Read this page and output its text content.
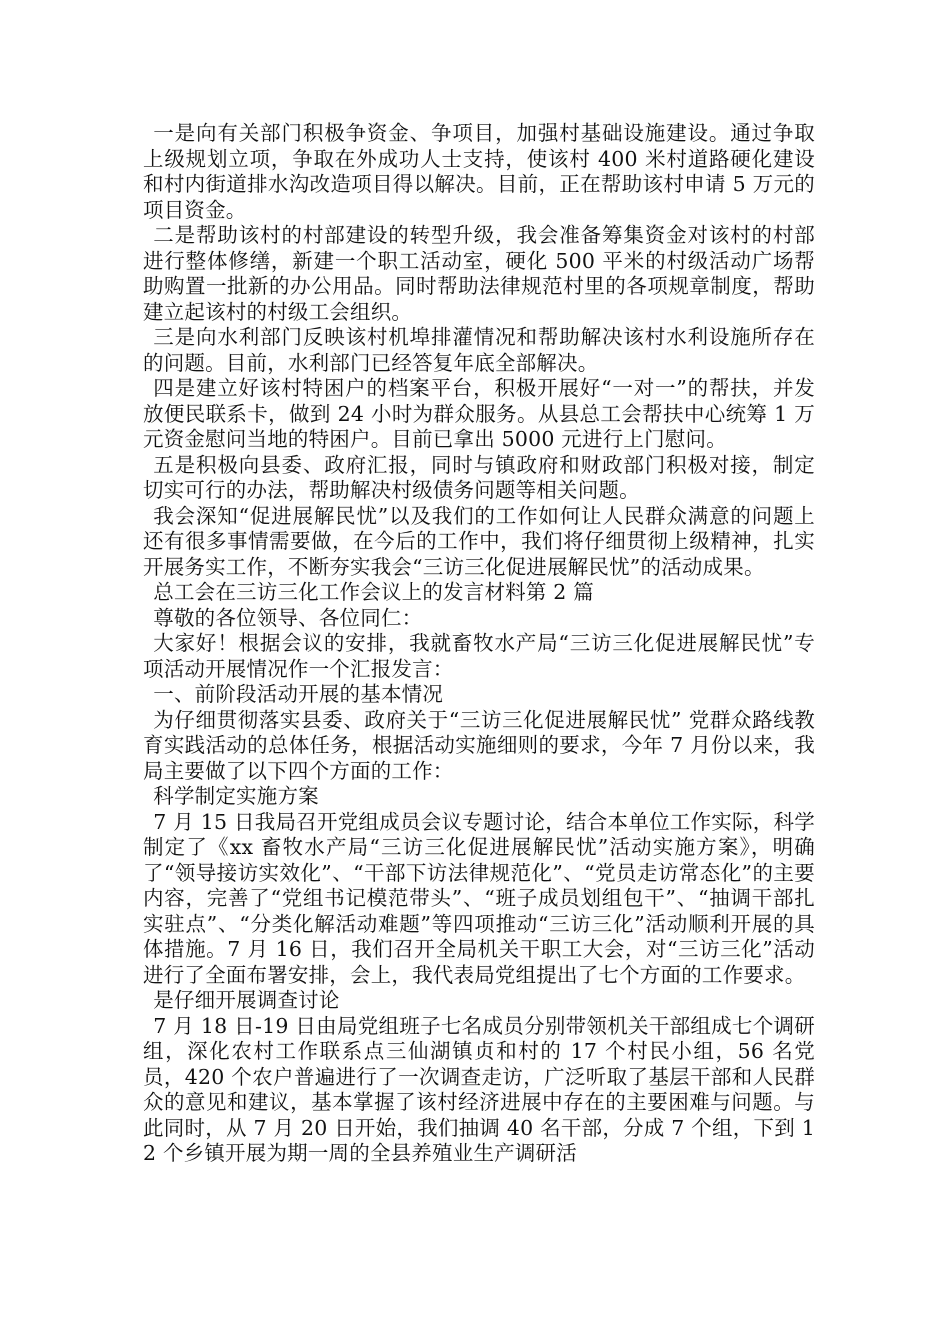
一是向有关部门积极争资金、争项目，加强村基础设施建设。通过争取上级规划立项，争取在外成功人士支持，使该村 400 米村道路硬化建设和村内街道排水沟改造项目得以解决。目前，正在帮助该村申请 5 万元的项目资金。

二是帮助该村的村部建设的转型升级，我会准备筹集资金对该村的村部进行整体修缮，新建一个职工活动室，硬化 500 平米的村级活动广场帮助购置一批新的办公用品。同时帮助法律规范村里的各项规章制度，帮助建立起该村的村级工会组织。

三是向水利部门反映该村机埠排灌情况和帮助解决该村水利设施所存在的问题。目前，水利部门已经答复年底全部解决。

四是建立好该村特困户的档案平台，积极开展好“一对一”的帮扶，并发放便民联系卡，做到 24 小时为群众服务。从县总工会帮扶中心统筹 1 万元资金慰问当地的特困户。目前已拿出 5000 元进行上门慰问。

五是积极向县委、政府汇报，同时与镇政府和财政部门积极对接，制定切实可行的办法，帮助解决村级债务问题等相关问题。

我会深知“促进展解民忧”以及我们的工作如何让人民群众满意的问题上还有很多事情需要做，在今后的工作中，我们将仔细贯彻上级精神，扎实开展务实工作，不断夯实我会“三访三化促进展解民忧”的活动成果。

总工会在三访三化工作会议上的发言材料第 2 篇

尊敬的各位领导、各位同仁：

大家好！根据会议的安排，我就畜牧水产局“三访三化促进展解民忧”专项活动开展情况作一个汇报发言：

一、前阶段活动开展的基本情况

为仔细贯彻落实县委、政府关于“三访三化促进展解民忧” 党群众路线教育实践活动的总体任务，根据活动实施细则的要求，今年 7 月份以来，我局主要做了以下四个方面的工作：

科学制定实施方案

7 月 15 日我局召开党组成员会议专题讨论，结合本单位工作实际，科学制定了《xx 畜牧水产局“三访三化促进展解民忧”活动实施方案》，明确了“领导接访实效化”、“干部下访法律规范化”、“党员走访常态化”的主要内容，完善了“党组书记模范带头”、“班子成员划组包干”、“抽调干部扎实驻点”、“分类化解活动难题”等四项推动“三访三化”活动顺利开展的具体措施。7 月 16 日，我们召开全局机关干职工大会，对“三访三化”活动进行了全面布署安排，会上，我代表局党组提出了七个方面的工作要求。

是仔细开展调查讨论

7 月 18 日-19 日由局党组班子七名成员分别带领机关干部组成七个调研组，深化农村工作联系点三仙湖镇贞和村的 17 个村民小组，56 名党员，420 个农户普遍进行了一次调查走访，广泛听取了基层干部和人民群众的意见和建议，基本掌握了该村经济进展中存在的主要困难与问题。与此同时，从 7 月 20 日开始，我们抽调 40 名干部，分成 7 个组，下到 12 个乡镇开展为期一周的全县养殖业生产调研活
